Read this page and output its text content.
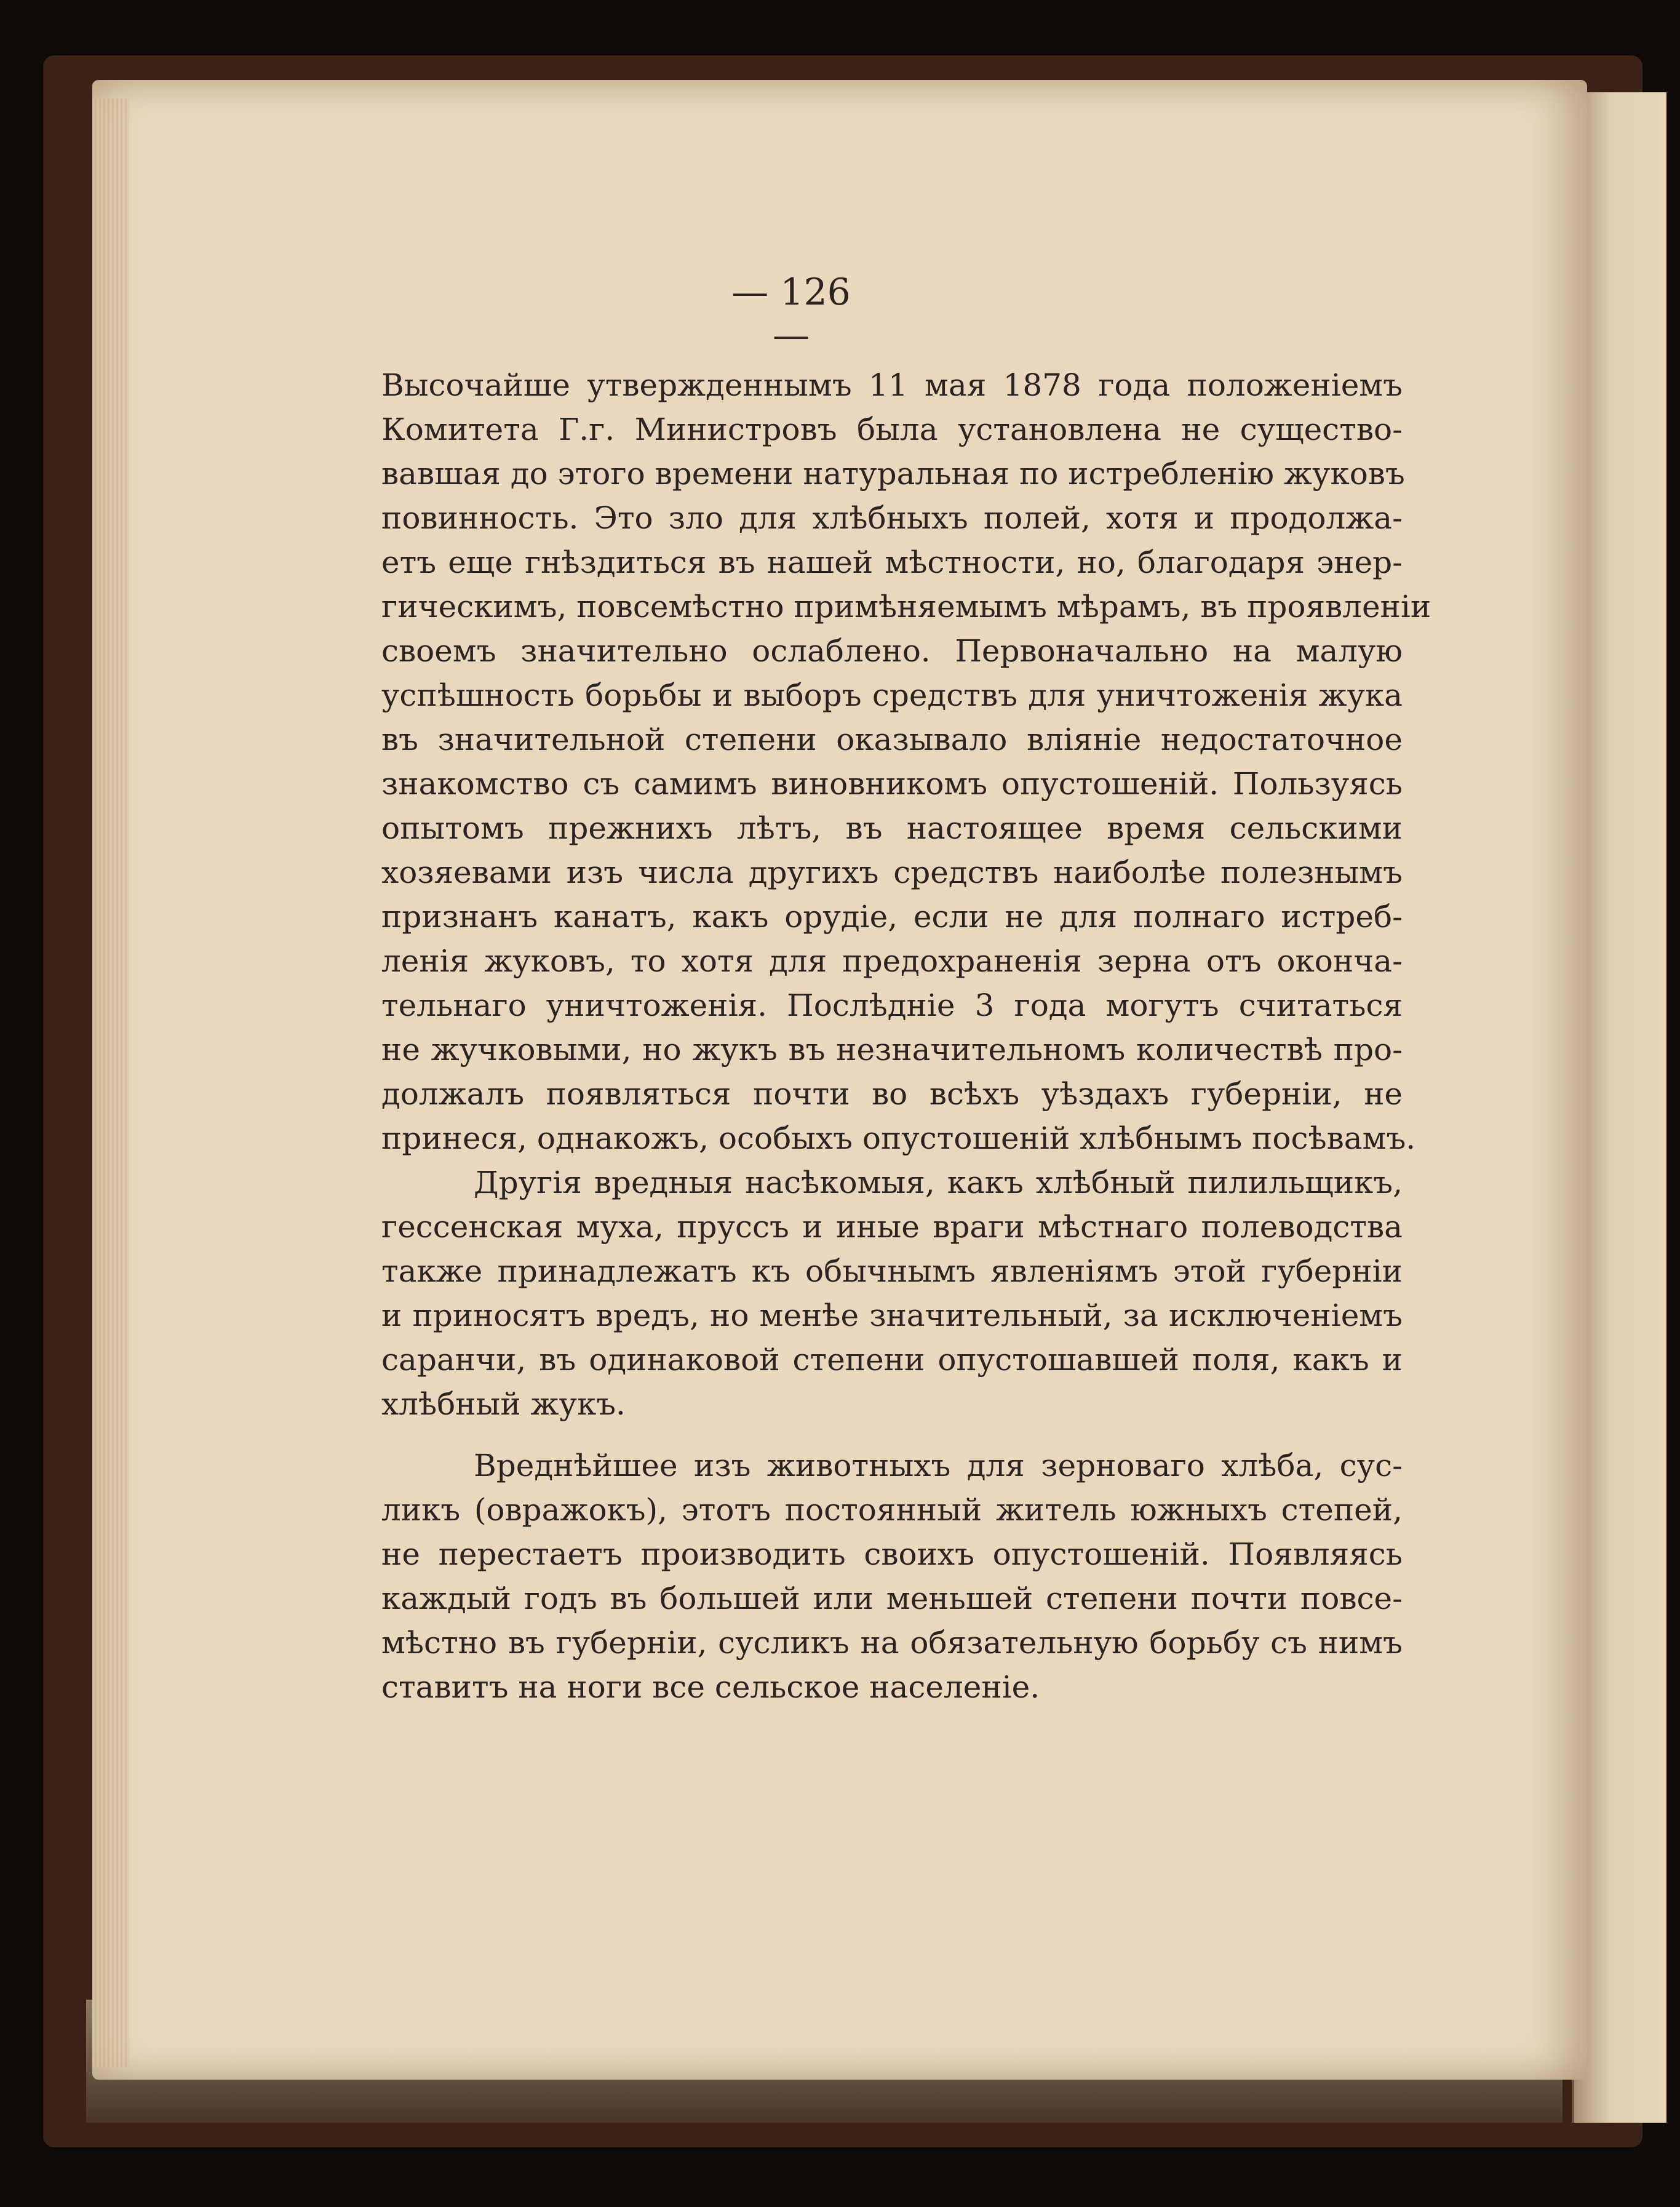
— 126 —
Высочайше утвержденнымъ 11 мая 1878 года положеніемъ
Комитета Г.г. Министровъ была установлена не существо-
вавшая до этого времени натуральная по истребленію жуковъ
повинность. Это зло для хлѣбныхъ полей, хотя и продолжа-
етъ еще гнѣздиться въ нашей мѣстности, но, благодаря энер-
гическимъ, повсемѣстно примѣняемымъ мѣрамъ, въ проявленіи
своемъ значительно ослаблено. Первоначально на малую
успѣшность борьбы и выборъ средствъ для уничтоженія жука
въ значительной степени оказывало вліяніе недостаточное
знакомство съ самимъ виновникомъ опустошеній. Пользуясь
опытомъ прежнихъ лѣтъ, въ настоящее время сельскими
хозяевами изъ числа другихъ средствъ наиболѣе полезнымъ
признанъ канатъ, какъ орудіе, если не для полнаго истреб-
ленія жуковъ, то хотя для предохраненія зерна отъ оконча-
тельнаго уничтоженія. Послѣдніе 3 года могутъ считаться
не жучковыми, но жукъ въ незначительномъ количествѣ про-
должалъ появляться почти во всѣхъ уѣздахъ губерніи, не
принеся, однакожъ, особыхъ опустошеній хлѣбнымъ посѣвамъ.
Другія вредныя насѣкомыя, какъ хлѣбный пилильщикъ,
гессенская муха, пруссъ и иные враги мѣстнаго полеводства
также принадлежатъ къ обычнымъ явленіямъ этой губерніи
и приносятъ вредъ, но менѣе значительный, за исключеніемъ
саранчи, въ одинаковой степени опустошавшей поля, какъ и
хлѣбный жукъ.
Вреднѣйшее изъ животныхъ для зерноваго хлѣба, сус-
ликъ (овражокъ), этотъ постоянный житель южныхъ степей,
не перестаетъ производить своихъ опустошеній. Появляясь
каждый годъ въ большей или меньшей степени почти повсе-
мѣстно въ губерніи, сусликъ на обязательную борьбу съ нимъ
ставитъ на ноги все сельское населеніе.
